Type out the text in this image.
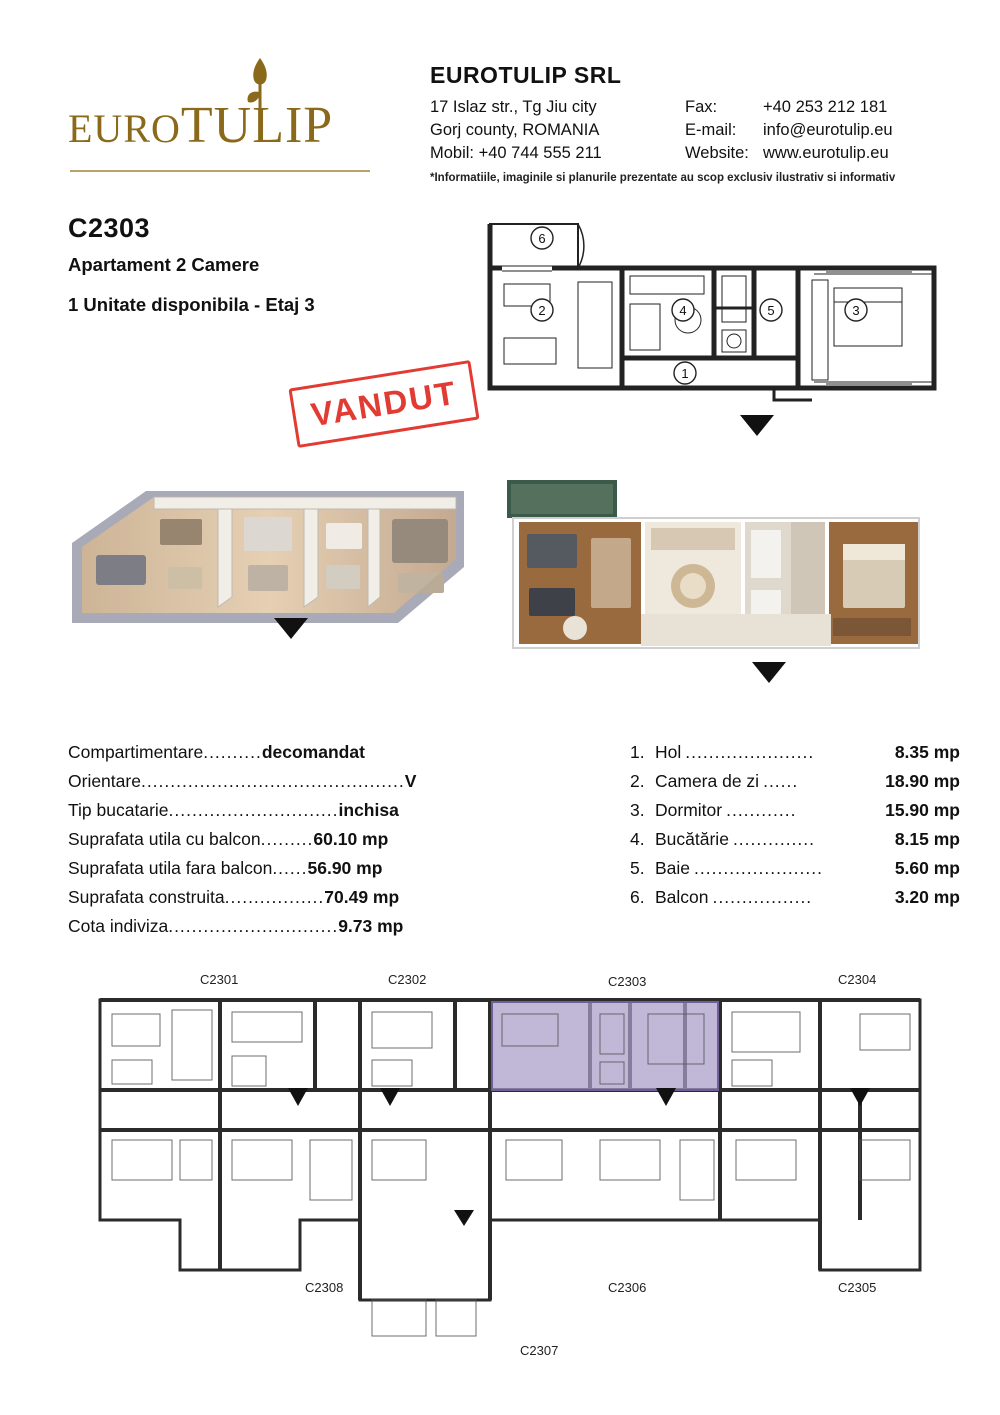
EUROTULIP
EUROTULIP SRL
17 Islaz str., Tg Jiu city	Fax:	+40 253 212 181
Gorj county, ROMANIA	E-mail: info@eurotulip.eu
Mobil: +40 744 555 211	Website: www.eurotulip.eu
*Informatiile, imaginile si planurile prezentate au scop exclusiv ilustrativ si informativ
C2303
Apartament 2 Camere
1 Unitate disponibila - Etaj 3
VANDUT
6
2	4	5	3
1
Compartimentare..........decomandat
Orientare.............................................V
Tip bucatarie.............................inchisa
Suprafata utila cu balcon.........60.10 mp
Suprafata utila fara balcon......56.90 mp
Suprafata construita.................70.49 mp
Cota indiviza.............................9.73 mp
1. Hol ......................	8.35 mp
2. Camera de zi ......	18.90 mp
3. Dormitor ............	15.90 mp
4. Bucătărie ..............	8.15 mp
5. Baie ......................	5.60 mp
6. Balcon .................	3.20 mp
C2301	C2302	C2303	C2304
C2308	C2306	C2305
C2307
